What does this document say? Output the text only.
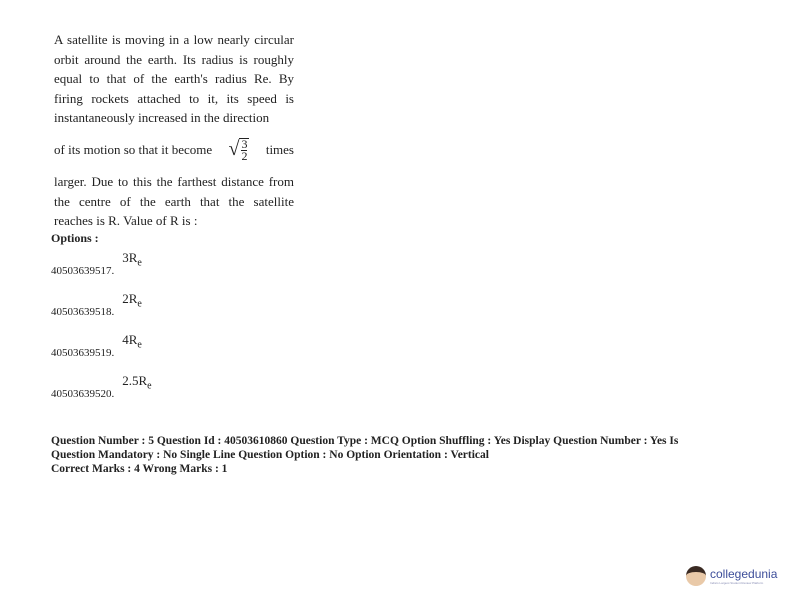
A satellite is moving in a low nearly circular orbit around the earth. Its radius is roughly equal to that of the earth's radius Re. By firing rockets attached to it, its speed is instantaneously increased in the direction

of its motion so that it become √ $\frac{3}{2}$ times

larger. Due to this the farthest distance from the centre of the earth that the satellite reaches is R. Value of R is :

Options :
$40503639517.3R_e$
$40503639518.2R_e$
$40503639519.4R_e$
$40503639520.2.5R_e$
Question Number : 5 Question Id : 40503610860 Question Type : MCQ Option Shuffling : Yes Display Question Number : Yes Is
Question Mandatory : No Single Line Question Option : No Option Orientation : Vertical
Correct Marks : 4 Wrong Marks : 1
collegedunia
India's Largest Student Review Platform
